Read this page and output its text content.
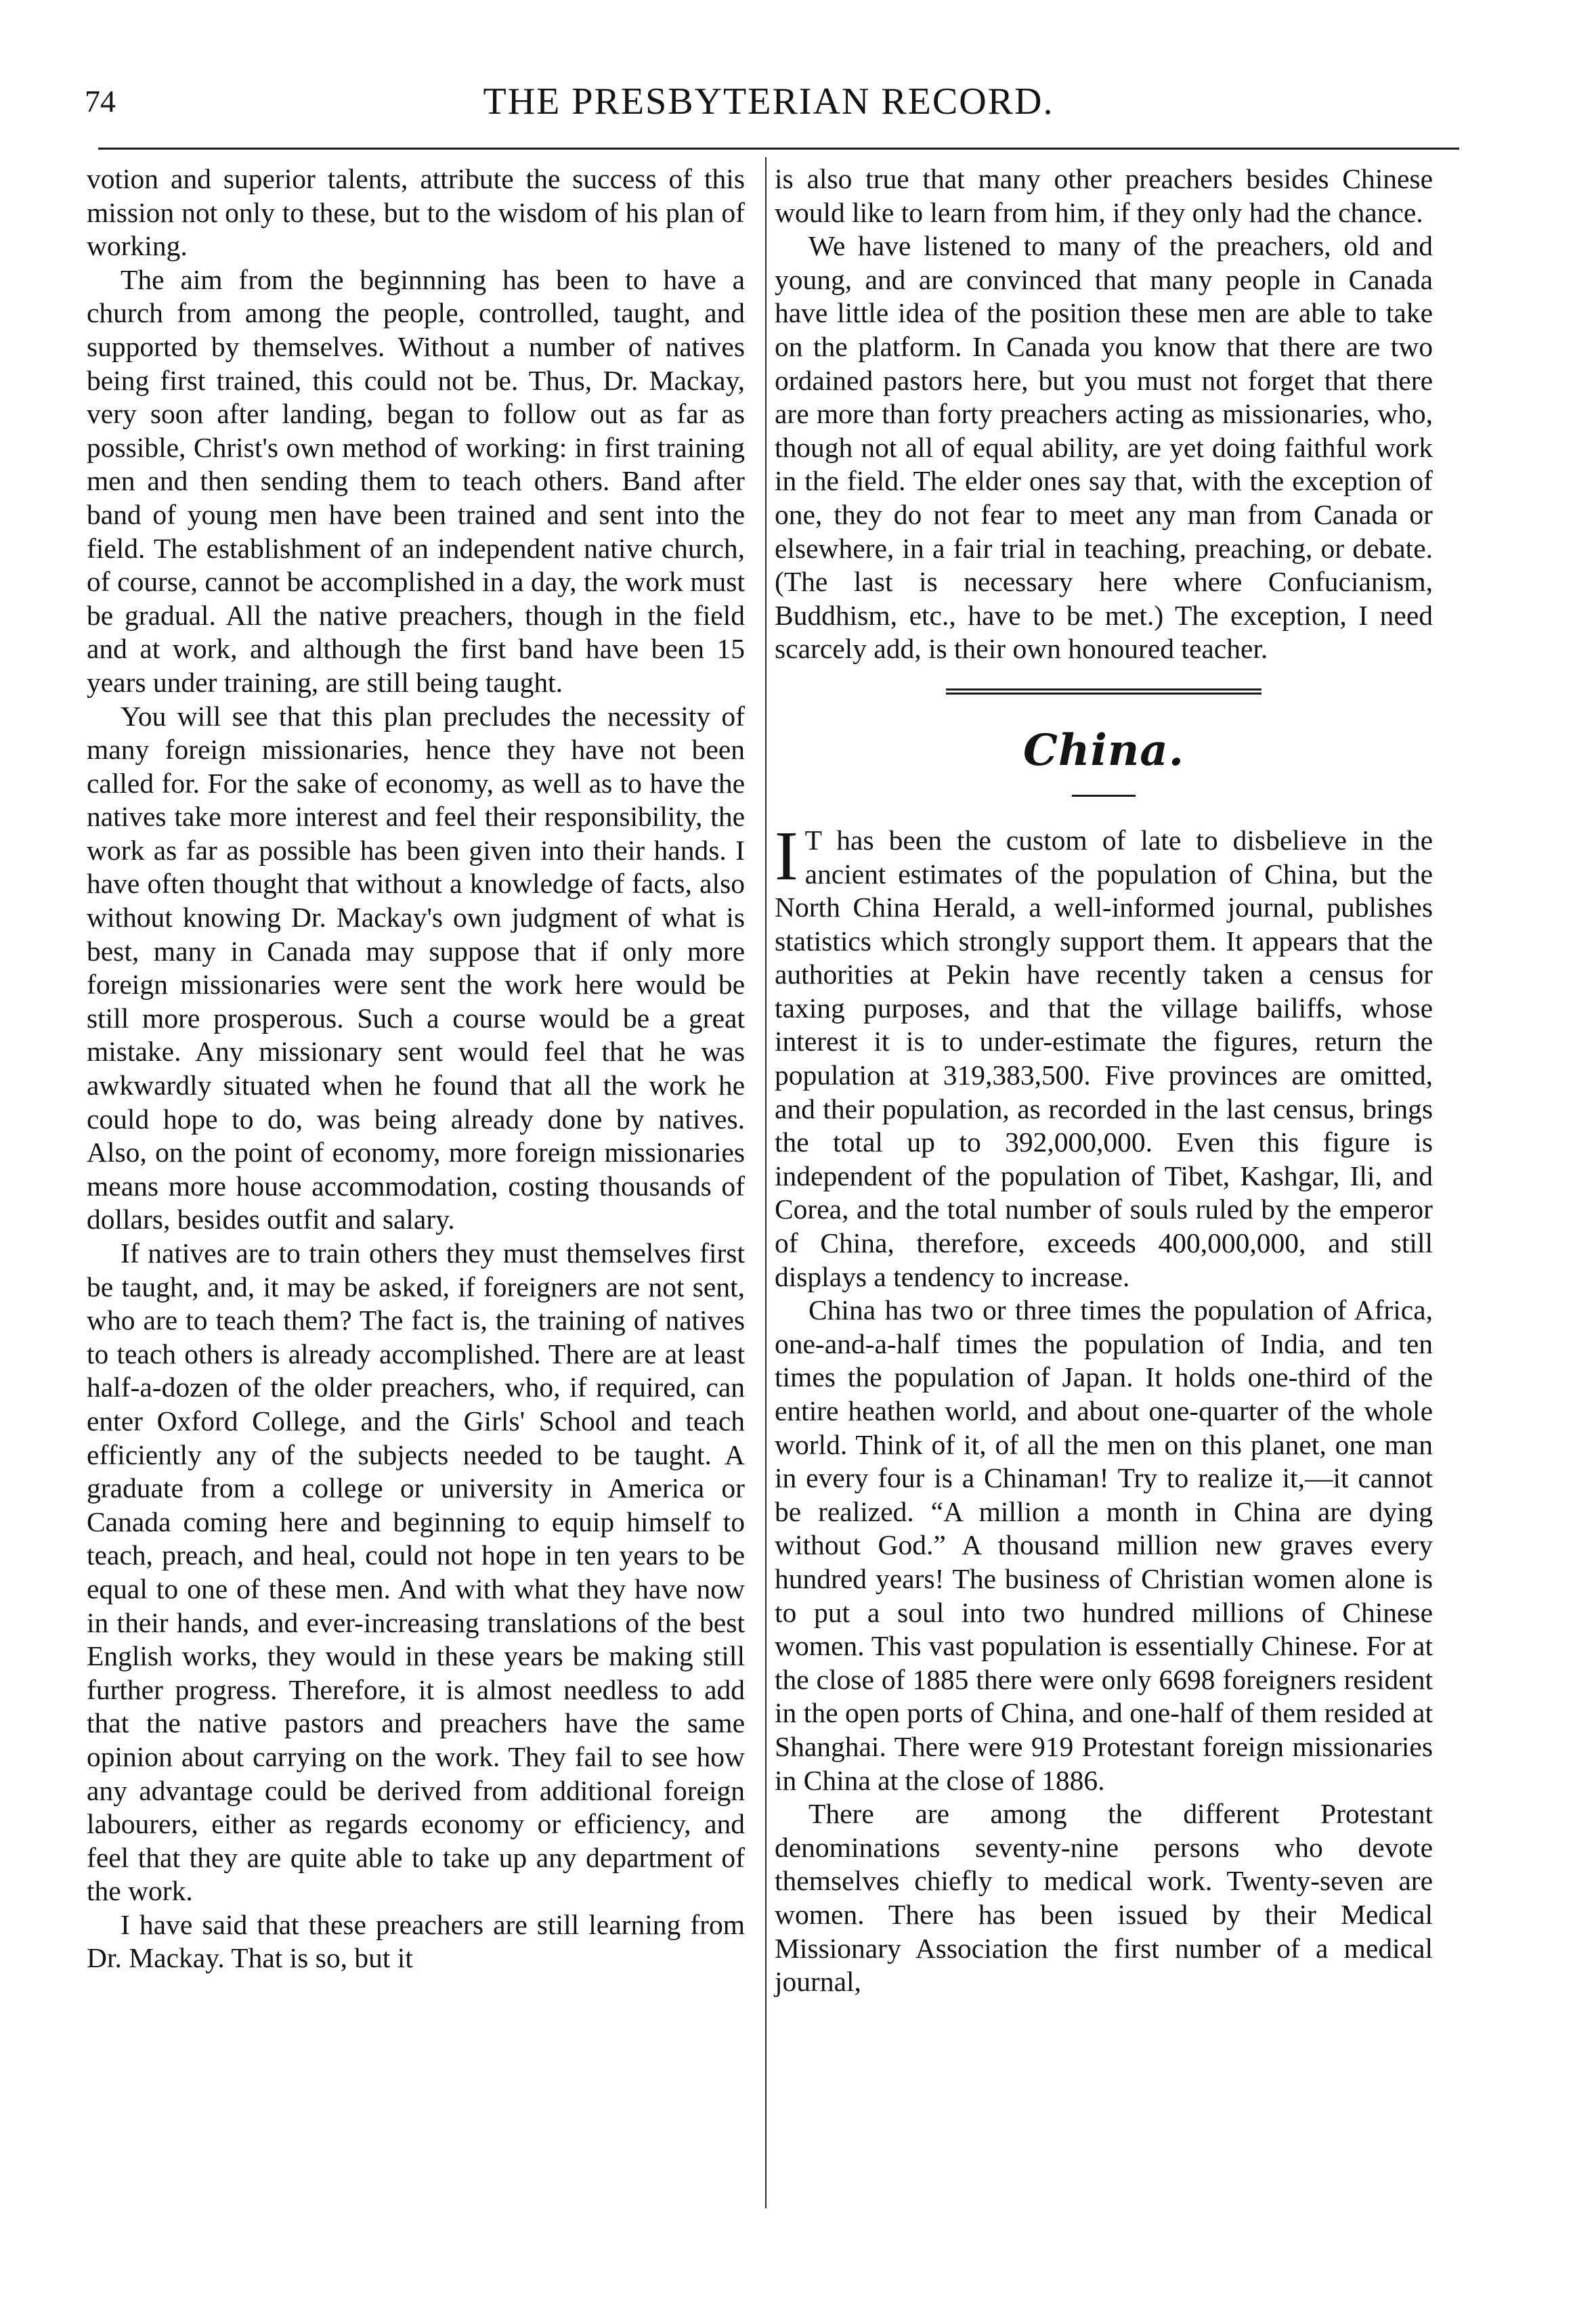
74	THE PRESBYTERIAN RECORD.

votion and superior talents, attribute the success of this mission not only to these, but to the wisdom of his plan of working.

The aim from the beginnning has been to have a church from among the people, controlled, taught, and supported by themselves. Without a number of natives being first trained, this could not be. Thus, Dr. Mackay, very soon after landing, began to follow out as far as possible, Christ's own method of working: in first training men and then sending them to teach others. Band after band of young men have been trained and sent into the field. The establishment of an independent native church, of course, cannot be accomplished in a day, the work must be gradual. All the native preachers, though in the field and at work, and although the first band have been 15 years under training, are still being taught.

You will see that this plan precludes the necessity of many foreign missionaries, hence they have not been called for. For the sake of economy, as well as to have the natives take more interest and feel their responsibility, the work as far as possible has been given into their hands. I have often thought that without a knowledge of facts, also without knowing Dr. Mackay's own judgment of what is best, many in Canada may suppose that if only more foreign missionaries were sent the work here would be still more prosperous. Such a course would be a great mistake. Any missionary sent would feel that he was awkwardly situated when he found that all the work he could hope to do, was being already done by natives. Also, on the point of economy, more foreign missionaries means more house accommodation, costing thousands of dollars, besides outfit and salary.

If natives are to train others they must themselves first be taught, and, it may be asked, if foreigners are not sent, who are to teach them? The fact is, the training of natives to teach others is already accomplished. There are at least half-a-dozen of the older preachers, who, if required, can enter Oxford College, and the Girls' School and teach efficiently any of the subjects needed to be taught. A graduate from a college or university in America or Canada coming here and beginning to equip himself to teach, preach, and heal, could not hope in ten years to be equal to one of these men. And with what they have now in their hands, and ever-increasing translations of the best English works, they would in these years be making still further progress. Therefore, it is almost needless to add that the native pastors and preachers have the same opinion about carrying on the work. They fail to see how any advantage could be derived from additional foreign labourers, either as regards economy or efficiency, and feel that they are quite able to take up any department of the work.

I have said that these preachers are still learning from Dr. Mackay. That is so, but it

is also true that many other preachers besides Chinese would like to learn from him, if they only had the chance.

We have listened to many of the preachers, old and young, and are convinced that many people in Canada have little idea of the position these men are able to take on the platform. In Canada you know that there are two ordained pastors here, but you must not forget that there are more than forty preachers acting as missionaries, who, though not all of equal ability, are yet doing faithful work in the field. The elder ones say that, with the exception of one, they do not fear to meet any man from Canada or elsewhere, in a fair trial in teaching, preaching, or debate. (The last is necessary here where Confucianism, Buddhism, etc., have to be met.) The exception, I need scarcely add, is their own honoured teacher.

China.

I T has been the custom of late to disbelieve in the ancient estimates of the population of China, but the North China Herald, a well-informed journal, publishes statistics which strongly support them. It appears that the authorities at Pekin have recently taken a census for taxing purposes, and that the village bailiffs, whose interest it is to under-estimate the figures, return the population at 319,383,500. Five provinces are omitted, and their population, as recorded in the last census, brings the total up to 392,000,000. Even this figure is independent of the population of Tibet, Kashgar, Ili, and Corea, and the total number of souls ruled by the emperor of China, therefore, exceeds 400,000,000, and still displays a tendency to increase.

China has two or three times the population of Africa, one-and-a-half times the population of India, and ten times the population of Japan. It holds one-third of the entire heathen world, and about one-quarter of the whole world. Think of it, of all the men on this planet, one man in every four is a Chinaman! Try to realize it,—it cannot be realized. “A million a month in China are dying without God.” A thousand million new graves every hundred years! The business of Christian women alone is to put a soul into two hundred millions of Chinese women. This vast population is essentially Chinese. For at the close of 1885 there were only 6698 foreigners resident in the open ports of China, and one-half of them resided at Shanghai. There were 919 Protestant foreign missionaries in China at the close of 1886.

There are among the different Protestant denominations seventy-nine persons who devote themselves chiefly to medical work. Twenty-seven are women. There has been issued by their Medical Missionary Association the first number of a medical journal,
